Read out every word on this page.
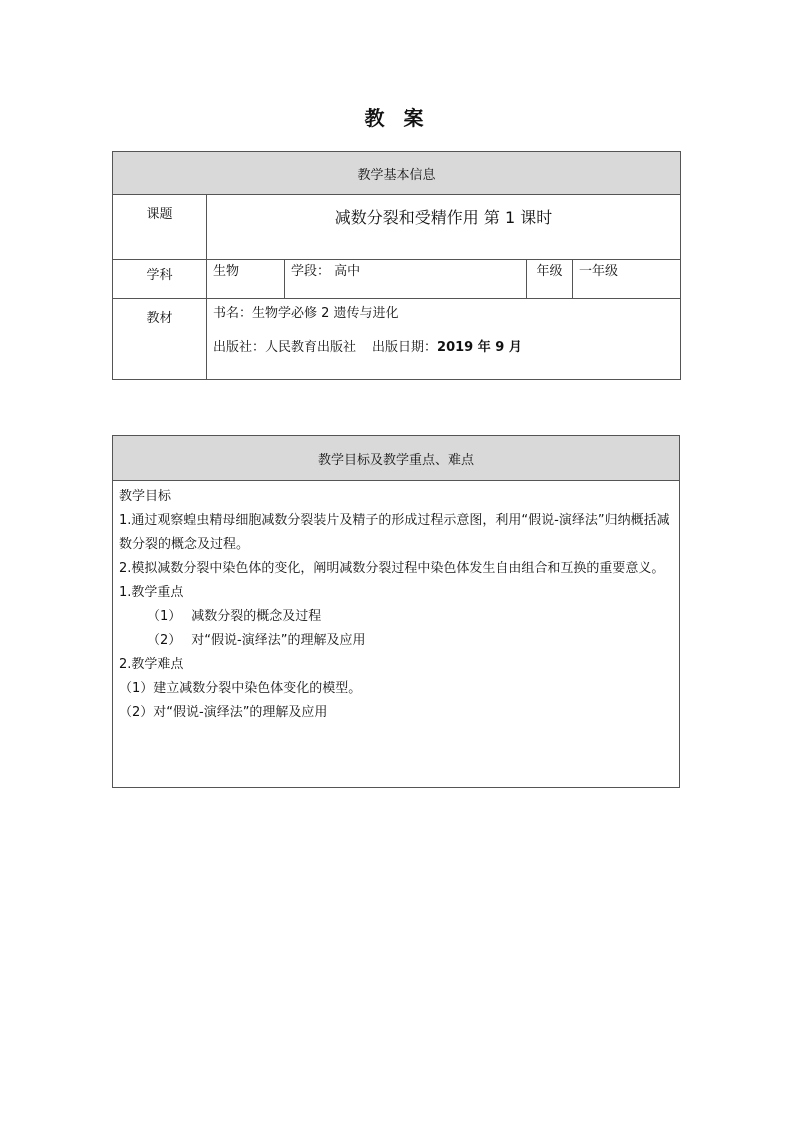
教 案
教学基本信息				
课题	减数分裂和受精作用 第 1 课时			
学科	生物	学段： 高中	年级	一年级
教材	书名：生物学必修 2 遗传与进化
出版社：人民教育出版社 出版日期：2019 年 9 月			
教学目标及教学重点、难点

教学目标

1.通过观察蝗虫精母细胞减数分裂装片及精子的形成过程示意图，利用“假说-演绎法”归纳概括减数分裂的概念及过程。

2.模拟减数分裂中染色体的变化，阐明减数分裂过程中染色体发生自由组合和互换的重要意义。

1.教学重点

（1） 减数分裂的概念及过程

（2） 对“假说-演绎法”的理解及应用

2.教学难点

（1）建立减数分裂中染色体变化的模型。

（2）对“假说-演绎法”的理解及应用
